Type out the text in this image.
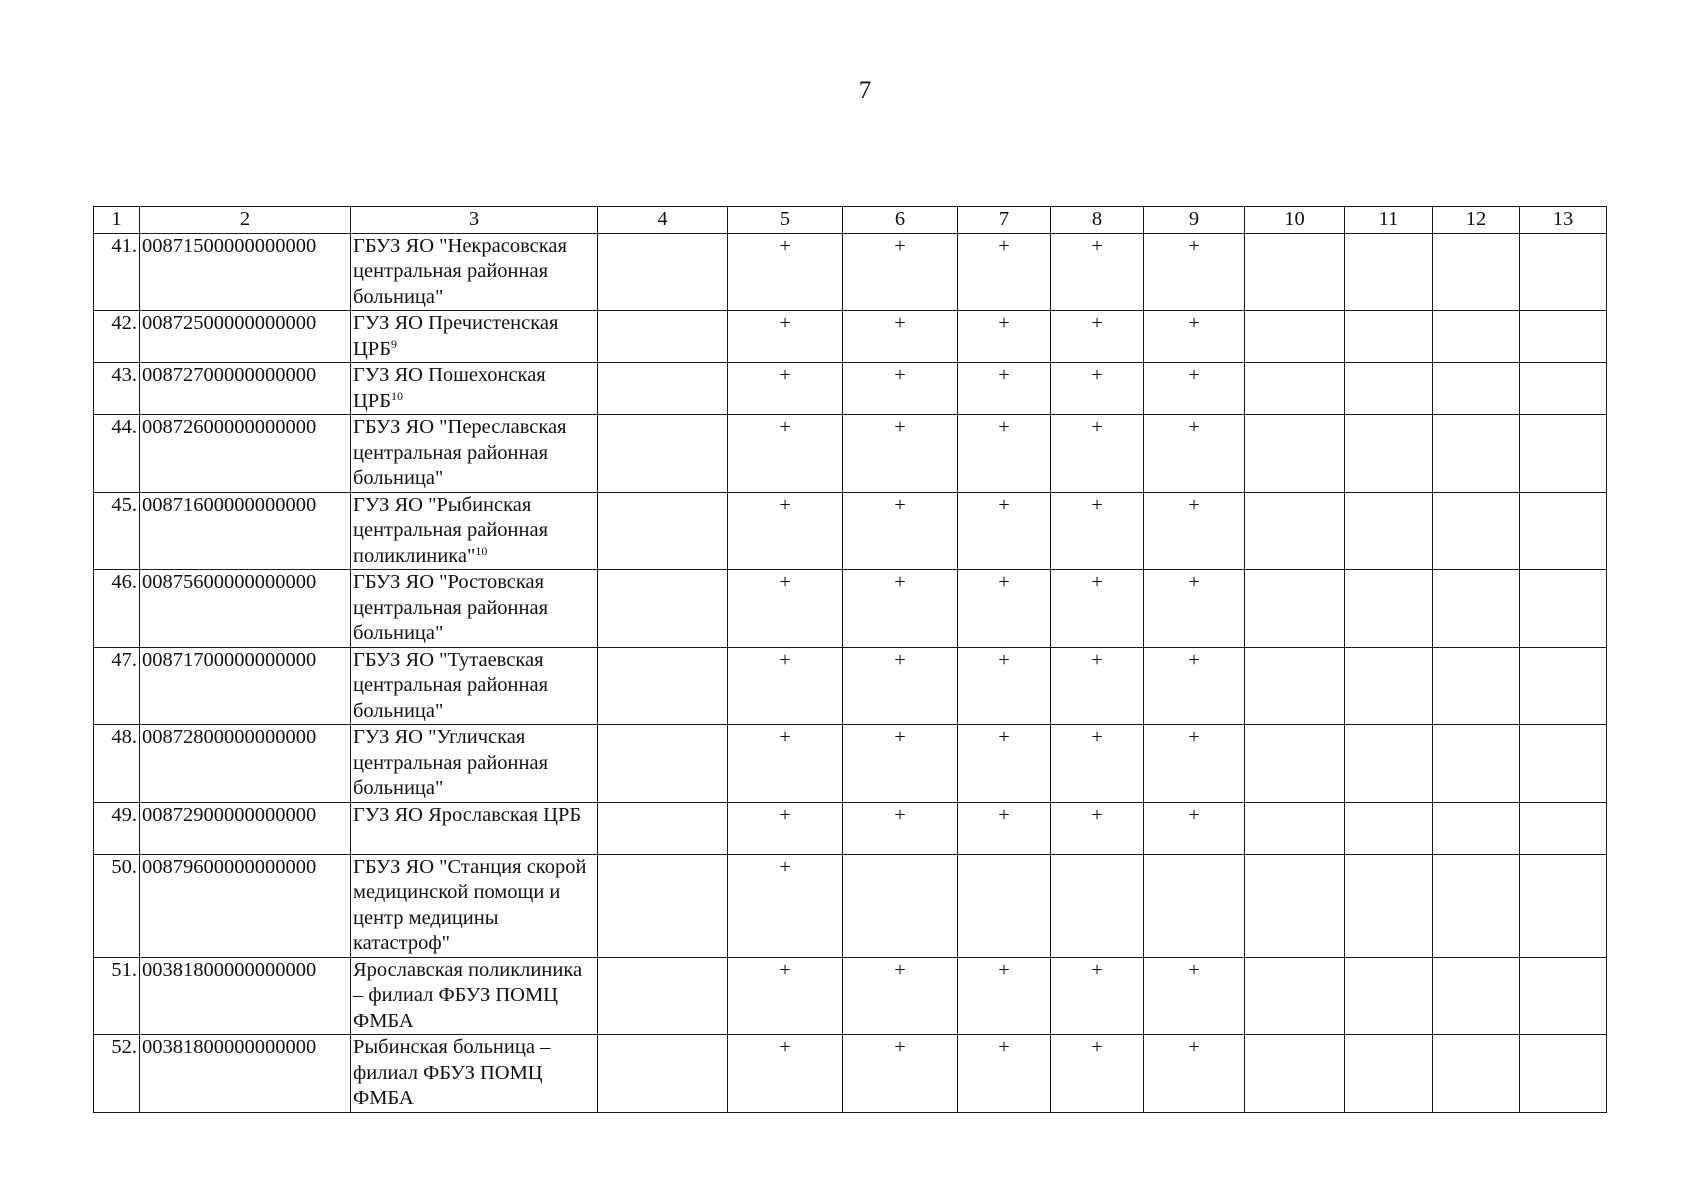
7
1	2	3	4	5	6	7	8	9	10	11	12	13
41.	00871500000000000	ГБУЗ ЯО "Некрасовская центральная районная больница"		+	+	+	+	+				
42.	00872500000000000	ГУЗ ЯО Пречистенская ЦРБ$^9$		+	+	+	+	+				
43.	00872700000000000	ГУЗ ЯО Пошехонская ЦРБ$^{10}$		+	+	+	+	+				
44.	00872600000000000	ГБУЗ ЯО "Переславская центральная районная больница"		+	+	+	+	+				
45.	00871600000000000	ГУЗ ЯО "Рыбинская центральная районная поликлиника"$^{10}$		+	+	+	+	+				
46.	00875600000000000	ГБУЗ ЯО "Ростовская центральная районная больница"		+	+	+	+	+				
47.	00871700000000000	ГБУЗ ЯО "Тутаевская центральная районная больница"		+	+	+	+	+				
48.	00872800000000000	ГУЗ ЯО "Угличская центральная районная больница"		+	+	+	+	+				
49.	00872900000000000	ГУЗ ЯО Ярославская ЦРБ		+	+	+	+	+				
50.	00879600000000000	ГБУЗ ЯО "Станция скорой медицинской помощи и центр медицины катастроф"		+								
51.	00381800000000000	Ярославская поликлиника – филиал ФБУЗ ПОМЦ ФМБА		+	+	+	+	+				
52.	00381800000000000	Рыбинская больница – филиал ФБУЗ ПОМЦ ФМБА		+	+	+	+	+				
